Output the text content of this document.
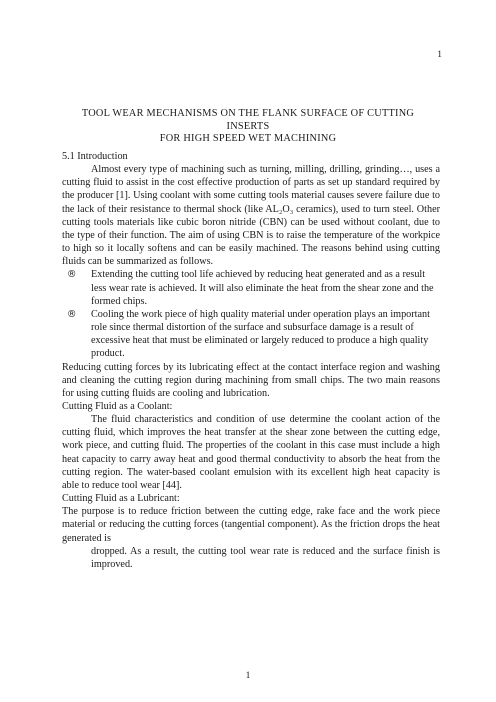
1
TOOL WEAR MECHANISMS ON THE FLANK SURFACE OF CUTTING
INSERTS
FOR HIGH SPEED WET MACHINING

5.1 Introduction

Almost every type of machining such as turning, milling, drilling, grinding…, uses a cutting fluid to assist in the cost effective production of parts as set up standard required by the producer [1]. Using coolant with some cutting tools material causes severe failure due to the lack of their resistance to thermal shock (like AL₂O₃ ceramics), used to turn steel. Other cutting tools materials like cubic boron nitride (CBN) can be used without coolant, due to the type of their function. The aim of using CBN is to raise the temperature of the workpice to high so it locally softens and can be easily machined. The reasons behind using cutting fluids can be summarized as follows.

® Extending the cutting tool life achieved by reducing heat generated and as a result less wear rate is achieved. It will also eliminate the heat from the shear zone and the formed chips.
® Cooling the work piece of high quality material under operation plays an important role since thermal distortion of the surface and subsurface damage is a result of excessive heat that must be eliminated or largely reduced to produce a high quality product.

Reducing cutting forces by its lubricating effect at the contact interface region and washing and cleaning the cutting region during machining from small chips. The two main reasons for using cutting fluids are cooling and lubrication.

Cutting Fluid as a Coolant:

The fluid characteristics and condition of use determine the coolant action of the cutting fluid, which improves the heat transfer at the shear zone between the cutting edge, work piece, and cutting fluid. The properties of the coolant in this case must include a high heat capacity to carry away heat and good thermal conductivity to absorb the heat from the cutting region. The water-based coolant emulsion with its excellent high heat capacity is able to reduce tool wear [44].

Cutting Fluid as a Lubricant:

The purpose is to reduce friction between the cutting edge, rake face and the work piece material or reducing the cutting forces (tangential component). As the friction drops the heat generated is

dropped. As a result, the cutting tool wear rate is reduced and the surface finish is improved.

1
